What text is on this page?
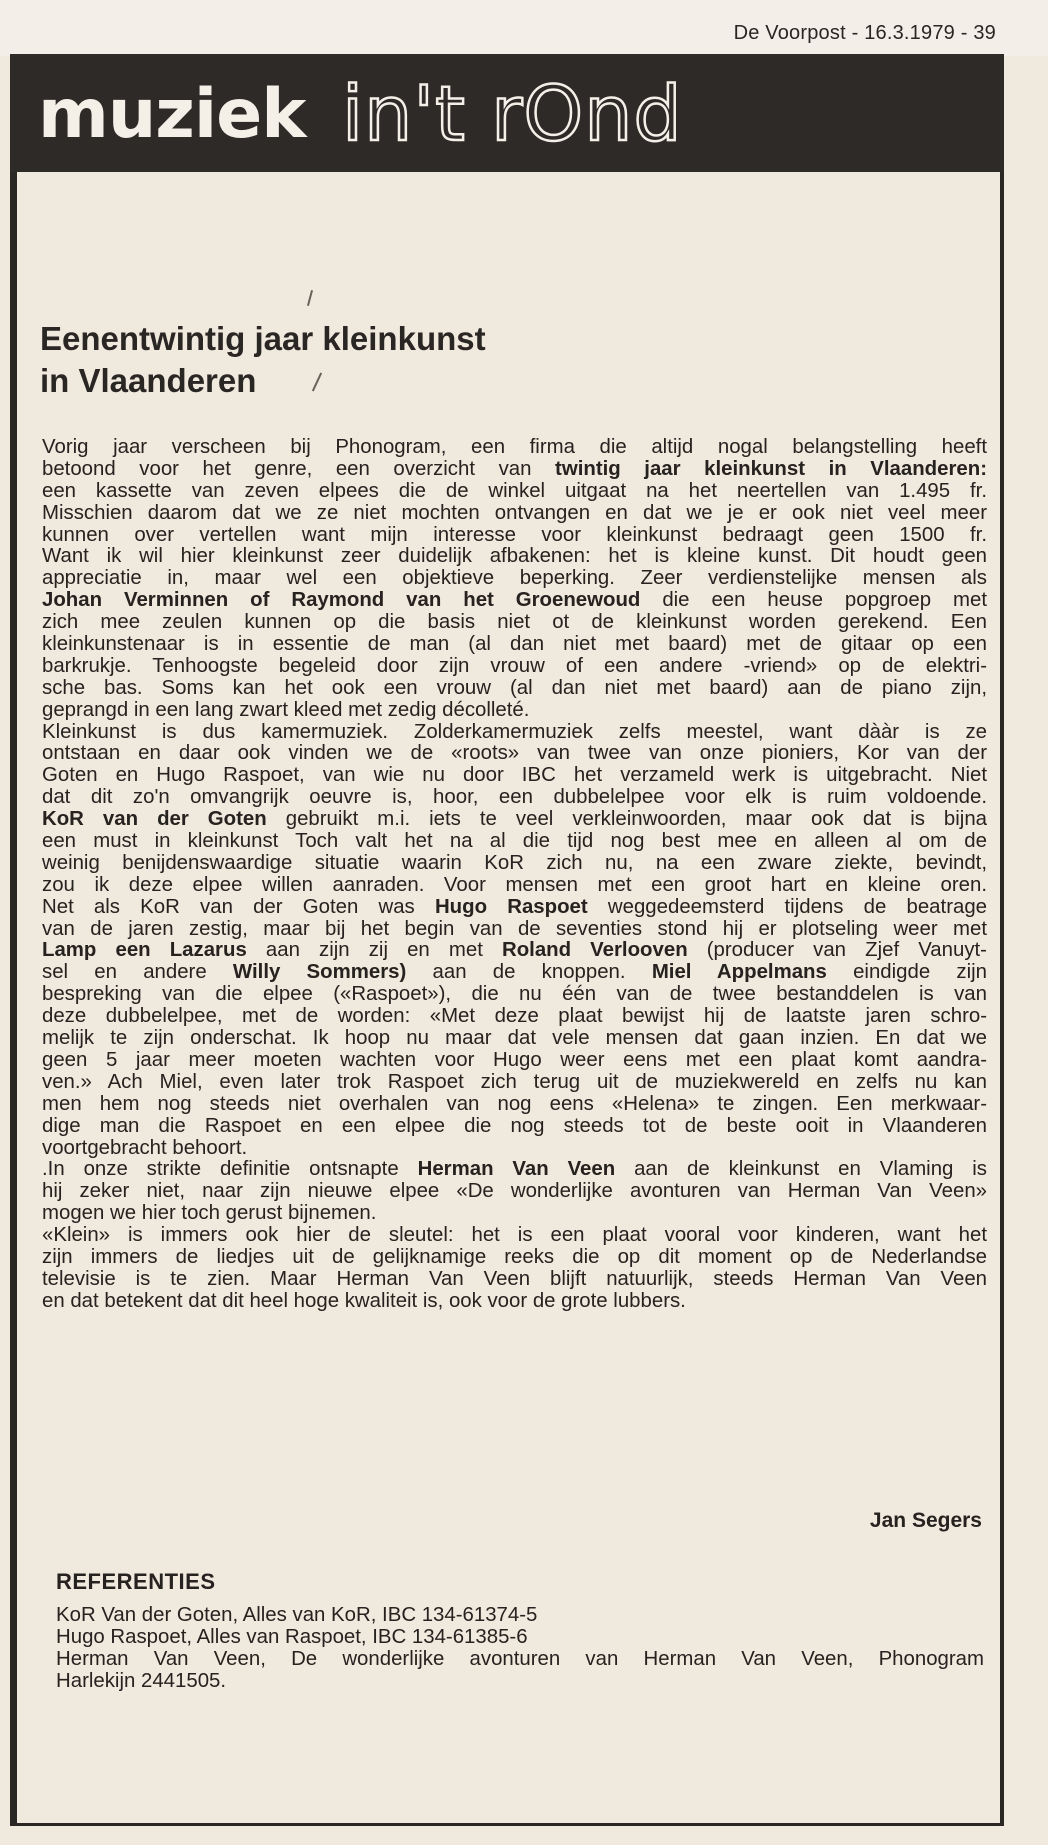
De Voorpost - 16.3.1979 - 39
muziek in't rOnd
Eenentwintig jaar kleinkunst
in Vlaanderen
Vorig jaar verscheen bij Phonogram, een firma die altijd nogal belangstelling heeft
betoond voor het genre, een overzicht van twintig jaar kleinkunst in Vlaanderen:
een kassette van zeven elpees die de winkel uitgaat na het neertellen van 1.495 fr.
Misschien daarom dat we ze niet mochten ontvangen en dat we je er ook niet veel meer
kunnen over vertellen want mijn interesse voor kleinkunst bedraagt geen 1500 fr.
Want ik wil hier kleinkunst zeer duidelijk afbakenen: het is kleine kunst. Dit houdt geen
appreciatie in, maar wel een objektieve beperking. Zeer verdienstelijke mensen als
Johan Verminnen of Raymond van het Groenewoud die een heuse popgroep met
zich mee zeulen kunnen op die basis niet ot de kleinkunst worden gerekend. Een
kleinkunstenaar is in essentie de man (al dan niet met baard) met de gitaar op een
barkrukje. Tenhoogste begeleid door zijn vrouw of een andere -vriend» op de elektri-
sche bas. Soms kan het ook een vrouw (al dan niet met baard) aan de piano zijn,
geprangd in een lang zwart kleed met zedig décolleté.
Kleinkunst is dus kamermuziek. Zolderkamermuziek zelfs meestel, want dààr is ze
ontstaan en daar ook vinden we de «roots» van twee van onze pioniers, Kor van der
Goten en Hugo Raspoet, van wie nu door IBC het verzameld werk is uitgebracht. Niet
dat dit zo'n omvangrijk oeuvre is, hoor, een dubbelelpee voor elk is ruim voldoende.
KoR van der Goten gebruikt m.i. iets te veel verkleinwoorden, maar ook dat is bijna
een must in kleinkunst Toch valt het na al die tijd nog best mee en alleen al om de
weinig benijdenswaardige situatie waarin KoR zich nu, na een zware ziekte, bevindt,
zou ik deze elpee willen aanraden. Voor mensen met een groot hart en kleine oren.
Net als KoR van der Goten was Hugo Raspoet weggedeemsterd tijdens de beatrage
van de jaren zestig, maar bij het begin van de seventies stond hij er plotseling weer met
Lamp een Lazarus aan zijn zij en met Roland Verlooven (producer van Zjef Vanuyt-
sel en andere Willy Sommers) aan de knoppen. Miel Appelmans eindigde zijn
bespreking van die elpee («Raspoet»), die nu één van de twee bestanddelen is van
deze dubbelelpee, met de worden: «Met deze plaat bewijst hij de laatste jaren schro-
melijk te zijn onderschat. Ik hoop nu maar dat vele mensen dat gaan inzien. En dat we
geen 5 jaar meer moeten wachten voor Hugo weer eens met een plaat komt aandra-
ven.» Ach Miel, even later trok Raspoet zich terug uit de muziekwereld en zelfs nu kan
men hem nog steeds niet overhalen van nog eens «Helena» te zingen. Een merkwaar-
dige man die Raspoet en een elpee die nog steeds tot de beste ooit in Vlaanderen
voortgebracht behoort.
.In onze strikte definitie ontsnapte Herman Van Veen aan de kleinkunst en Vlaming is
hij zeker niet, naar zijn nieuwe elpee «De wonderlijke avonturen van Herman Van Veen»
mogen we hier toch gerust bijnemen.
«Klein» is immers ook hier de sleutel: het is een plaat vooral voor kinderen, want het
zijn immers de liedjes uit de gelijknamige reeks die op dit moment op de Nederlandse
televisie is te zien. Maar Herman Van Veen blijft natuurlijk, steeds Herman Van Veen
en dat betekent dat dit heel hoge kwaliteit is, ook voor de grote lubbers.
Jan Segers
REFERENTIES
KoR Van der Goten, Alles van KoR, IBC 134-61374-5
Hugo Raspoet, Alles van Raspoet, IBC 134-61385-6
Herman Van Veen, De wonderlijke avonturen van Herman Van Veen, Phonogram
Harlekijn 2441505.
